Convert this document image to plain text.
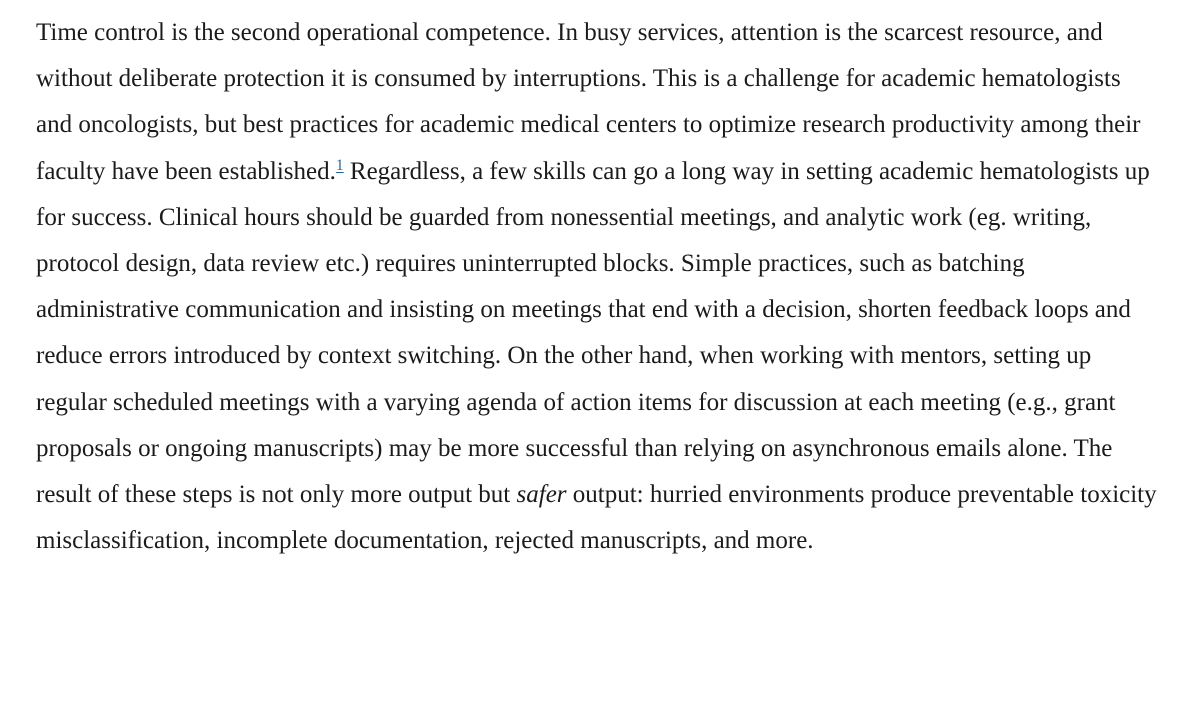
Time control is the second operational competence. In busy services, attention is the scarcest resource, and without deliberate protection it is consumed by interruptions. This is a challenge for academic hematologists and oncologists, but best practices for academic medical centers to optimize research productivity among their faculty have been established.$^1$ Regardless, a few skills can go a long way in setting academic hematologists up for success. Clinical hours should be guarded from nonessential meetings, and analytic work (eg. writing, protocol design, data review etc.) requires uninterrupted blocks. Simple practices, such as batching administrative communication and insisting on meetings that end with a decision, shorten feedback loops and reduce errors introduced by context switching. On the other hand, when working with mentors, setting up regular scheduled meetings with a varying agenda of action items for discussion at each meeting (e.g., grant proposals or ongoing manuscripts) may be more successful than relying on asynchronous emails alone. The result of these steps is not only more output but safer output: hurried environments produce preventable toxicity misclassification, incomplete documentation, rejected manuscripts, and more.
